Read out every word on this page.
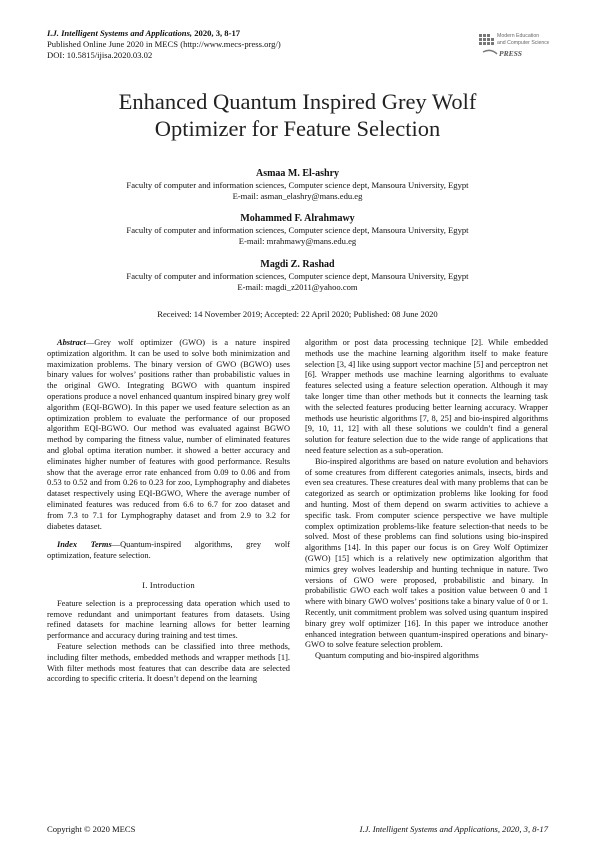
I.J. Intelligent Systems and Applications, 2020, 3, 8-17
Published Online June 2020 in MECS (http://www.mecs-press.org/)
DOI: 10.5815/ijisa.2020.03.02
Modern Education
and Computer Science
PRESS
Enhanced Quantum Inspired Grey Wolf
Optimizer for Feature Selection
Asmaa M. El-ashry
Faculty of computer and information sciences, Computer science dept, Mansoura University, Egypt
E-mail: asman_elashry@mans.edu.eg
Mohammed F. Alrahmawy
Faculty of computer and information sciences, Computer science dept, Mansoura University, Egypt
E-mail: mrahmawy@mans.edu.eg
Magdi Z. Rashad
Faculty of computer and information sciences, Computer science dept, Mansoura University, Egypt
E-mail: magdi_z2011@yahoo.com
Received: 14 November 2019; Accepted: 22 April 2020; Published: 08 June 2020

Abstract—Grey wolf optimizer (GWO) is a nature inspired optimization algorithm. It can be used to solve both minimization and maximization problems. The binary version of GWO (BGWO) uses binary values for wolves’ positions rather than probabilistic values in the original GWO. Integrating BGWO with quantum inspired operations produce a novel enhanced quantum inspired binary grey wolf algorithm (EQI-BGWO). In this paper we used feature selection as an optimization problem to evaluate the performance of our proposed algorithm EQI-BGWO. Our method was evaluated against BGWO method by comparing the fitness value, number of eliminated features and global optima iteration number. it showed a better accuracy and eliminates higher number of features with good performance. Results show that the average error rate enhanced from 0.09 to 0.06 and from 0.53 to 0.52 and from 0.26 to 0.23 for zoo, Lymphography and diabetes dataset respectively using EQI-BGWO, Where the average number of eliminated features was reduced from 6.6 to 6.7 for zoo dataset and from 7.3 to 7.1 for Lymphography dataset and from 2.9 to 3.2 for diabetes dataset.

Index Terms—Quantum-inspired algorithms, grey wolf optimization, feature selection.

I. Introduction

Feature selection is a preprocessing data operation which used to remove redundant and unimportant features from datasets. Using refined datasets for machine learning allows for better learning performance and accuracy during training and test times.

Feature selection methods can be classified into three methods, including filter methods, embedded methods and wrapper methods [1]. With filter methods most features that can describe data are selected according to specific criteria. It doesn’t depend on the learning

algorithm or post data processing technique [2]. While embedded methods use the machine learning algorithm itself to make feature selection [3, 4] like using support vector machine [5] and perceptron net [6]. Wrapper methods use machine learning algorithms to evaluate features selected using a feature selection operation. Although it may take longer time than other methods but it connects the learning task with the selected features producing better learning accuracy. Wrapper methods use heuristic algorithms [7, 8, 25] and bio-inspired algorithms [9, 10, 11, 12] with all these solutions we couldn’t find a general solution for feature selection due to the wide range of applications that need feature selection as a sub-operation.

Bio-inspired algorithms are based on nature evolution and behaviors of some creatures from different categories animals, insects, birds and even sea creatures. These creatures deal with many problems that can be categorized as search or optimization problems like looking for food and hunting. Most of them depend on swarm activities to achieve a specific task. From computer science perspective we have multiple complex optimization problems-like feature selection-that needs to be solved. Most of these problems can find solutions using bio-inspired algorithms [14]. In this paper our focus is on Grey Wolf Optimizer (GWO) [15] which is a relatively new optimization algorithm that mimics grey wolves leadership and hunting technique in nature. Two versions of GWO were proposed, probabilistic and binary. In probabilistic GWO each wolf takes a position value between 0 and 1 where with binary GWO wolves’ positions take a binary value of 0 or 1. Recently, unit commitment problem was solved using quantum inspired binary grey wolf optimizer [16]. In this paper we introduce another enhanced integration between quantum-inspired operations and binary-GWO to solve feature selection problem.

Quantum computing and bio-inspired algorithms

Copyright © 2020 MECS	I.J. Intelligent Systems and Applications, 2020, 3, 8-17
